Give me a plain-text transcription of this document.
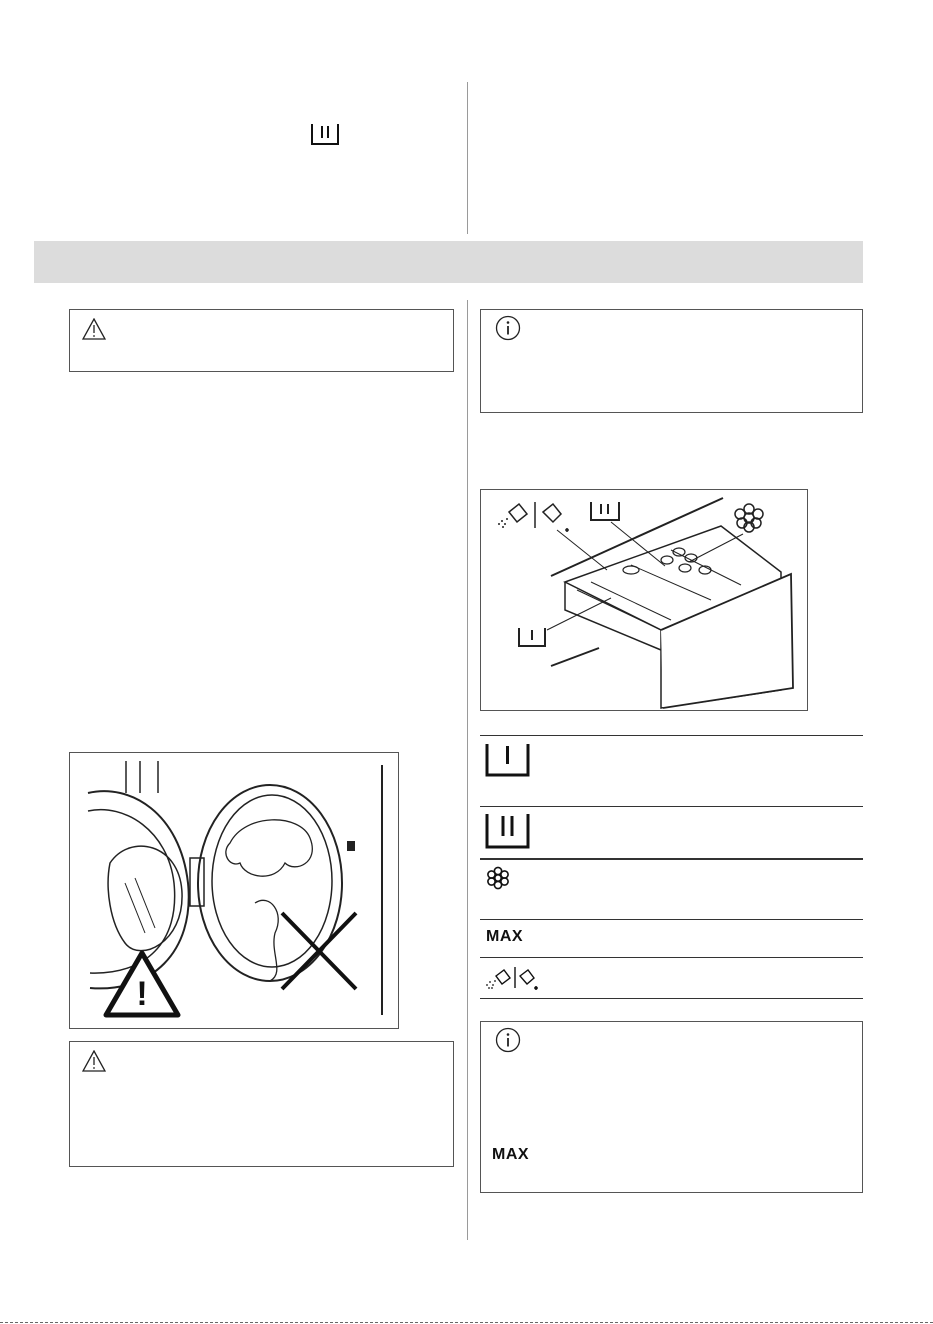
!
MAX
MAX
